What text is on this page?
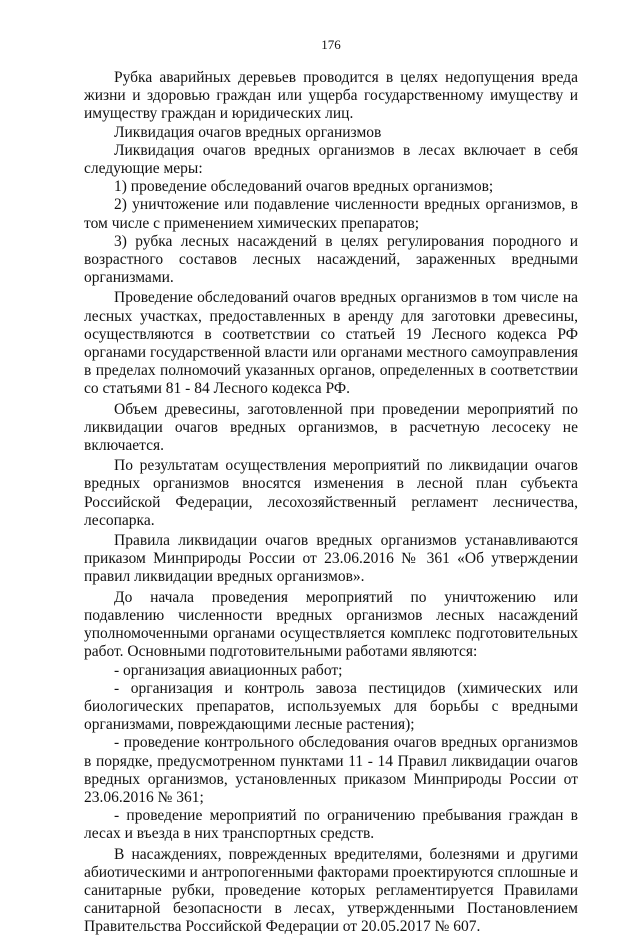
176

Рубка аварийных деревьев проводится в целях недопущения вреда жизни и здоровью граждан или ущерба государственному имуществу и имуществу граждан и юридических лиц.

Ликвидация очагов вредных организмов

Ликвидация очагов вредных организмов в лесах включает в себя следующие меры:

1) проведение обследований очагов вредных организмов;

2) уничтожение или подавление численности вредных организмов, в том числе с применением химических препаратов;

3) рубка лесных насаждений в целях регулирования породного и возрастного составов лесных насаждений, зараженных вредными организмами.

Проведение обследований очагов вредных организмов в том числе на лесных участках, предоставленных в аренду для заготовки древесины, осуществляются в соответствии со статьей 19 Лесного кодекса РФ органами государственной власти или органами местного самоуправления в пределах полномочий указанных органов, определенных в соответствии со статьями 81 - 84 Лесного кодекса РФ.

Объем древесины, заготовленной при проведении мероприятий по ликвидации очагов вредных организмов, в расчетную лесосеку не включается.

По результатам осуществления мероприятий по ликвидации очагов вредных организмов вносятся изменения в лесной план субъекта Российской Федерации, лесохозяйственный регламент лесничества, лесопарка.

Правила ликвидации очагов вредных организмов устанавливаются приказом Минприроды России от 23.06.2016 № 361 «Об утверждении правил ликвидации вредных организмов».

До начала проведения мероприятий по уничтожению или подавлению численности вредных организмов лесных насаждений уполномоченными органами осуществляется комплекс подготовительных работ. Основными подготовительными работами являются:

- организация авиационных работ;

- организация и контроль завоза пестицидов (химических или биологических препаратов, используемых для борьбы с вредными организмами, повреждающими лесные растения);

- проведение контрольного обследования очагов вредных организмов в порядке, предусмотренном пунктами 11 - 14 Правил ликвидации очагов вредных организмов, установленных приказом Минприроды России от 23.06.2016 № 361;

- проведение мероприятий по ограничению пребывания граждан в лесах и въезда в них транспортных средств.

В насаждениях, поврежденных вредителями, болезнями и другими абиотическими и антропогенными факторами проектируются сплошные и санитарные рубки, проведение которых регламентируется Правилами санитарной безопасности в лесах, утвержденными Постановлением Правительства Российской Федерации от 20.05.2017 № 607.
